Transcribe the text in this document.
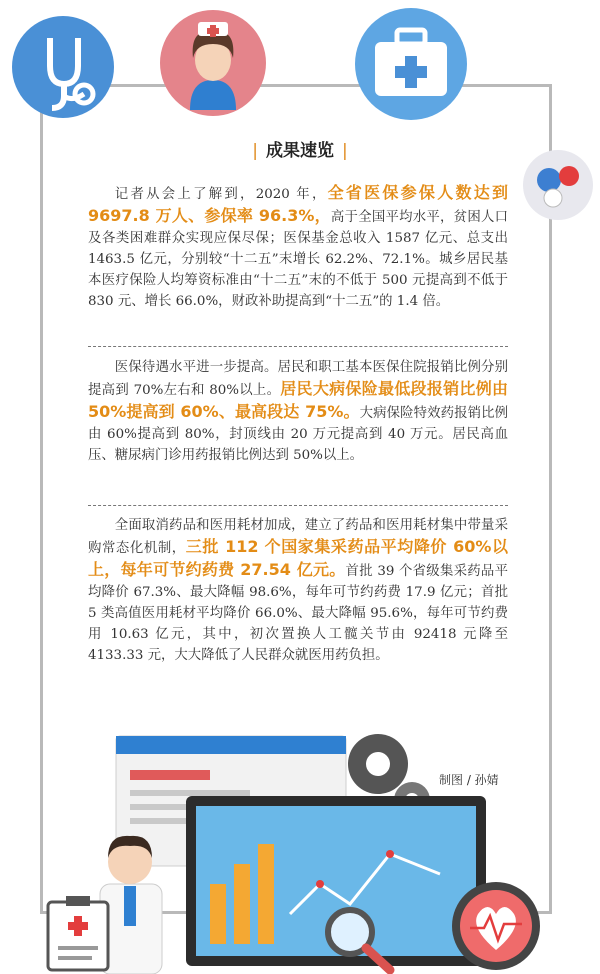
| 成果速览 |
记者从会上了解到，2020 年，全省医保参保人数达到 9697.8 万人、参保率 96.3%，高于全国平均水平，贫困人口及各类困难群众实现应保尽保；医保基金总收入 1587 亿元、总支出 1463.5 亿元，分别较“十二五”末增长 62.2%、72.1%。城乡居民基本医疗保险人均筹资标准由“十二五”末的不低于 500 元提高到不低于 830 元、增长 66.0%，财政补助提高到“十二五”的 1.4 倍。
医保待遇水平进一步提高。居民和职工基本医保住院报销比例分别提高到 70%左右和 80%以上。居民大病保险最低段报销比例由 50%提高到 60%、最高段达 75%。大病保险特效药报销比例由 60%提高到 80%，封顶线由 20 万元提高到 40 万元。居民高血压、糖尿病门诊用药报销比例达到 50%以上。
全面取消药品和医用耗材加成，建立了药品和医用耗材集中带量采购常态化机制，三批 112 个国家集采药品平均降价 60%以上，每年可节约药费 27.54 亿元。首批 39 个省级集采药品平均降价 67.3%、最大降幅 98.6%，每年可节约药费 17.9 亿元；首批 5 类高值医用耗材平均降价 66.0%、最大降幅 95.6%，每年可节约费用 10.63 亿元，其中，初次置换人工髋关节由 92418 元降至 4133.33 元，大大降低了人民群众就医用药负担。
制图 / 孙婧
